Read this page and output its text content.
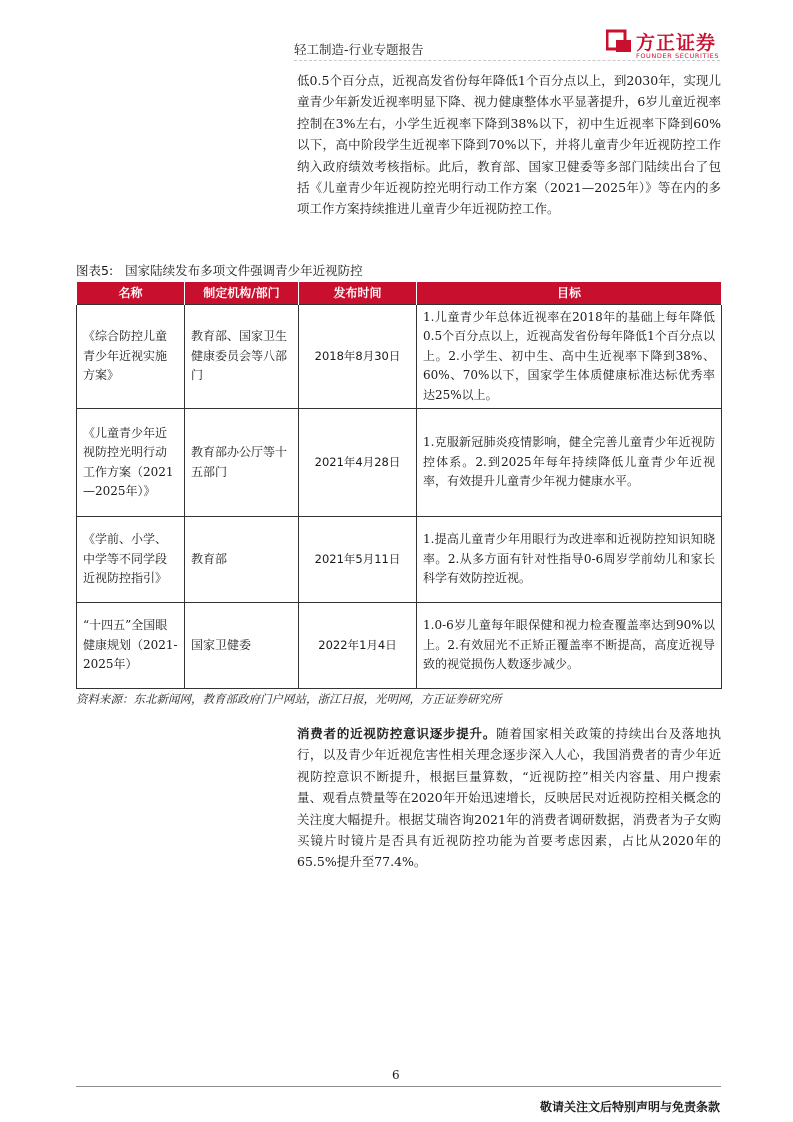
轻工制造-行业专题报告	方正证券
FOUNDER SECURITIES

低0.5个百分点，近视高发省份每年降低1个百分点以上，到2030年，实现儿童青少年新发近视率明显下降、视力健康整体水平显著提升，6岁儿童近视率控制在3%左右，小学生近视率下降到38%以下，初中生近视率下降到60%以下，高中阶段学生近视率下降到70%以下，并将儿童青少年近视防控工作纳入政府绩效考核指标。此后，教育部、国家卫健委等多部门陆续出台了包括《儿童青少年近视防控光明行动工作方案（2021—2025年）》等在内的多项工作方案持续推进儿童青少年近视防控工作。

图表5: 国家陆续发布多项文件强调青少年近视防控
名称	制定机构/部门	发布时间	目标
《综合防控儿童青少年近视实施方案》	教育部、国家卫生健康委员会等八部门	2018年8月30日	1.儿童青少年总体近视率在2018年的基础上每年降低0.5个百分点以上，近视高发省份每年降低1个百分点以上。2.小学生、初中生、高中生近视率下降到38%、60%、70%以下，国家学生体质健康标准达标优秀率达25%以上。
《儿童青少年近视防控光明行动工作方案（2021—2025年）》	教育部办公厅等十五部门	2021年4月28日	1.克服新冠肺炎疫情影响，健全完善儿童青少年近视防控体系。2.到2025年每年持续降低儿童青少年近视率，有效提升儿童青少年视力健康水平。
《学前、小学、中学等不同学段近视防控指引》	教育部	2021年5月11日	1.提高儿童青少年用眼行为改进率和近视防控知识知晓率。2.从多方面有针对性指导0-6周岁学前幼儿和家长科学有效防控近视。
“十四五”全国眼健康规划（2021-2025年）	国家卫健委	2022年1月4日	1.0-6岁儿童每年眼保健和视力检查覆盖率达到90%以上。2.有效屈光不正矫正覆盖率不断提高，高度近视导致的视觉损伤人数逐步减少。
资料来源：东北新闻网，教育部政府门户网站，浙江日报，光明网，方正证券研究所

消费者的近视防控意识逐步提升。随着国家相关政策的持续出台及落地执行，以及青少年近视危害性相关理念逐步深入人心，我国消费者的青少年近视防控意识不断提升，根据巨量算数，“近视防控”相关内容量、用户搜索量、观看点赞量等在2020年开始迅速增长，反映居民对近视防控相关概念的关注度大幅提升。根据艾瑞咨询2021年的消费者调研数据，消费者为子女购买镜片时镜片是否具有近视防控功能为首要考虑因素，占比从2020年的65.5%提升至77.4%。

6
敬请关注文后特别声明与免责条款
